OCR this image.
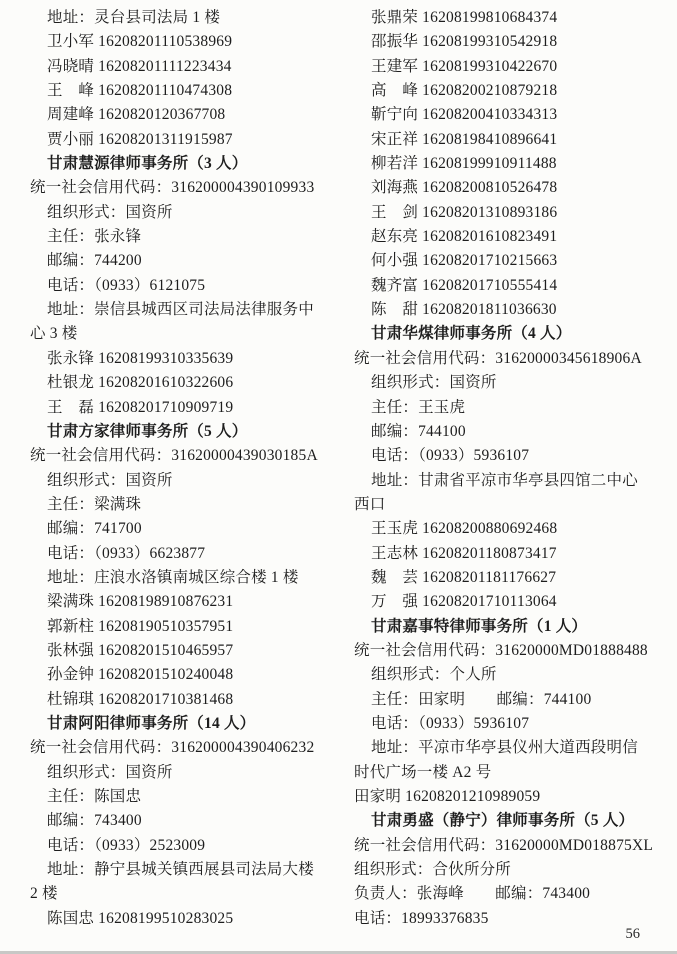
地址：灵台县司法局 1 楼
卫小军 16208201110538969
冯晓晴 16208201111223434
王　峰 16208201110474308
周建峰 1620820120367708
贾小丽 16208201311915987
甘肃慧源律师事务所（3 人）
统一社会信用代码：316200004390109933
组织形式：国资所
主任：张永锋
邮编：744200
电话：（0933）6121075
地址：崇信县城西区司法局法律服务中
心 3 楼
张永锋 16208199310335639
杜银龙 16208201610322606
王　磊 16208201710909719
甘肃方家律师事务所（5 人）
统一社会信用代码：31620000439030185A
组织形式：国资所
主任：梁满珠
邮编：741700
电话：（0933）6623877
地址：庄浪水洛镇南城区综合楼 1 楼
梁满珠 16208198910876231
郭新柱 16208190510357951
张林强 16208201510465957
孙金钟 16208201510240048
杜锦琪 16208201710381468
甘肃阿阳律师事务所（14 人）
统一社会信用代码：316200004390406232
组织形式：国资所
主任：陈国忠
邮编：743400
电话：（0933）2523009
地址：静宁县城关镇西展县司法局大楼
2 楼
陈国忠 16208199510283025
张鼎荣 16208199810684374
邵振华 16208199310542918
王建军 16208199310422670
高　峰 16208200210879218
靳宁向 16208200410334313
宋正祥 16208198410896641
柳若洋 16208199910911488
刘海燕 16208200810526478
王　剑 16208201310893186
赵东亮 16208201610823491
何小强 16208201710215663
魏齐富 16208201710555414
陈　甜 16208201811036630
甘肃华煤律师事务所（4 人）
统一社会信用代码：31620000345618906A
组织形式：国资所
主任：王玉虎
邮编：744100
电话：（0933）5936107
地址：甘肃省平凉市华亭县四馆二中心
西口
王玉虎 16208200880692468
王志林 16208201180873417
魏　芸 16208201181176627
万　强 16208201710113064
甘肃嘉事特律师事务所（1 人）
统一社会信用代码：31620000MD01888488
组织形式：个人所
主任：田家明　　邮编：744100
电话：（0933）5936107
地址：平凉市华亭县仪州大道西段明信
时代广场一楼 A2 号
田家明 16208201210989059
甘肃勇盛（静宁）律师事务所（5 人）
统一社会信用代码：31620000MD018875XL
组织形式：合伙所分所
负责人：张海峰　　邮编：743400
电话：18993376835
56
